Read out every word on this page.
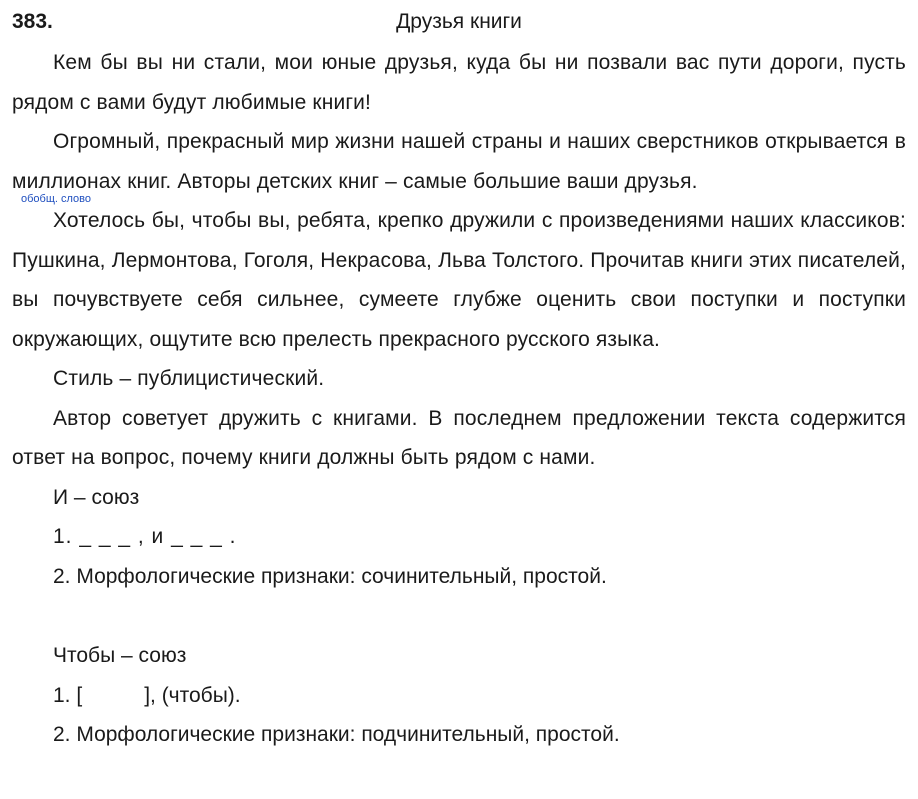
383.	Друзья книги

Кем бы вы ни стали, мои юные друзья, куда бы ни позвали вас пути дороги, пусть рядом с вами будут любимые книги!

Огромный, прекрасный мир жизни нашей страны и наших сверстников открывается в миллионах книг. Авторы детских книг – самые большие ваши друзья.

Хотелось бы, чтобы вы, ребята, крепко дружили с произведениями наших классиков: Пушкина, Лермонтова, Гоголя, Некрасова, Льва Толстого. Прочитав книги этих писателей, вы почувствуете себя сильнее, сумеете глубже оценить свои поступки и поступки окружающих, ощутите всю прелесть прекрасного русского языка.

Стиль – публицистический.

Автор советует дружить с книгами. В последнем предложении текста содержится ответ на вопрос, почему книги должны быть рядом с нами.

И – союз

1. _ _ _ , и _ _ _ .

2. Морфологические признаки: сочинительный, простой.

Чтобы – союз

1. [	], (чтобы).

2. Морфологические признаки: подчинительный, простой.

обобщ. слово
